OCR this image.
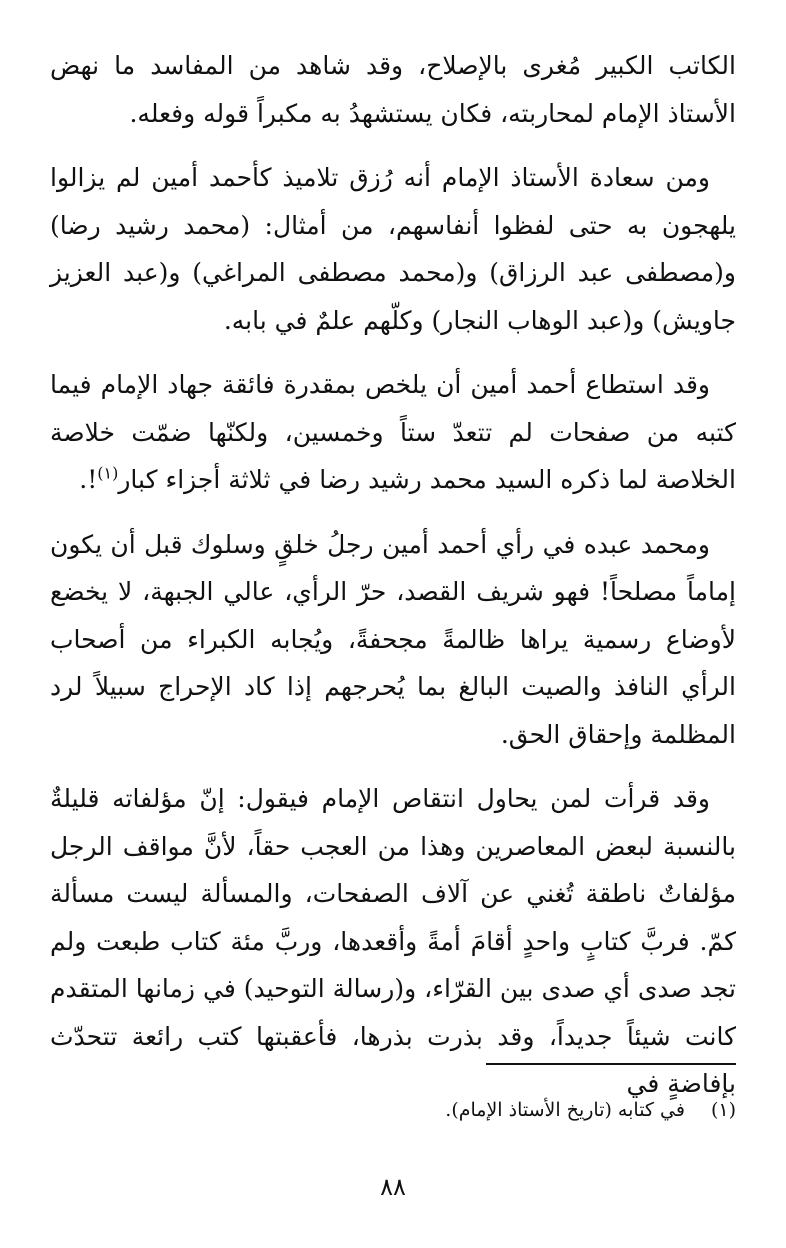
الكاتب الكبير مُغرى بالإصلاح، وقد شاهد من المفاسد ما نهض الأستاذ الإمام لمحاربته، فكان يستشهدُ به مكبراً قوله وفعله.

ومن سعادة الأستاذ الإمام أنه رُزق تلاميذ كأحمد أمين لم يزالوا يلهجون به حتى لفظوا أنفاسهم، من أمثال: (محمد رشيد رضا) و(مصطفى عبد الرزاق) و(محمد مصطفى المراغي) و(عبد العزيز جاويش) و(عبد الوهاب النجار) وكلّهم علمٌ في بابه.

وقد استطاع أحمد أمين أن يلخص بمقدرة فائقة جهاد الإمام فيما كتبه من صفحات لم تتعدّ ستاً وخمسين، ولكنّها ضمّت خلاصة الخلاصة لما ذكره السيد محمد رشيد رضا في ثلاثة أجزاء كبار$^{(١)}$!.

ومحمد عبده في رأي أحمد أمين رجلُ خلقٍ وسلوك قبل أن يكون إماماً مصلحاً! فهو شريف القصد، حرّ الرأي، عالي الجبهة، لا يخضع لأوضاع رسمية يراها ظالمةً مجحفةً، ويُجابه الكبراء من أصحاب الرأي النافذ والصيت البالغ بما يُحرجهم إذا كاد الإحراج سبيلاً لرد المظلمة وإحقاق الحق.

وقد قرأت لمن يحاول انتقاص الإمام فيقول: إنّ مؤلفاته قليلةٌ بالنسبة لبعض المعاصرين وهذا من العجب حقاً، لأنَّ مواقف الرجل مؤلفاتٌ ناطقة تُغني عن آلاف الصفحات، والمسألة ليست مسألة كمّ. فربَّ كتابٍ واحدٍ أقامَ أمةً وأقعدها، وربَّ مئة كتاب طبعت ولم تجد صدى أي صدى بين القرّاء، و(رسالة التوحيد) في زمانها المتقدم كانت شيئاً جديداً، وقد بذرت بذرها، فأعقبتها كتب رائعة تتحدّث بإفاضةٍ في

(١)في كتابه (تاريخ الأستاذ الإمام).
٨٨
